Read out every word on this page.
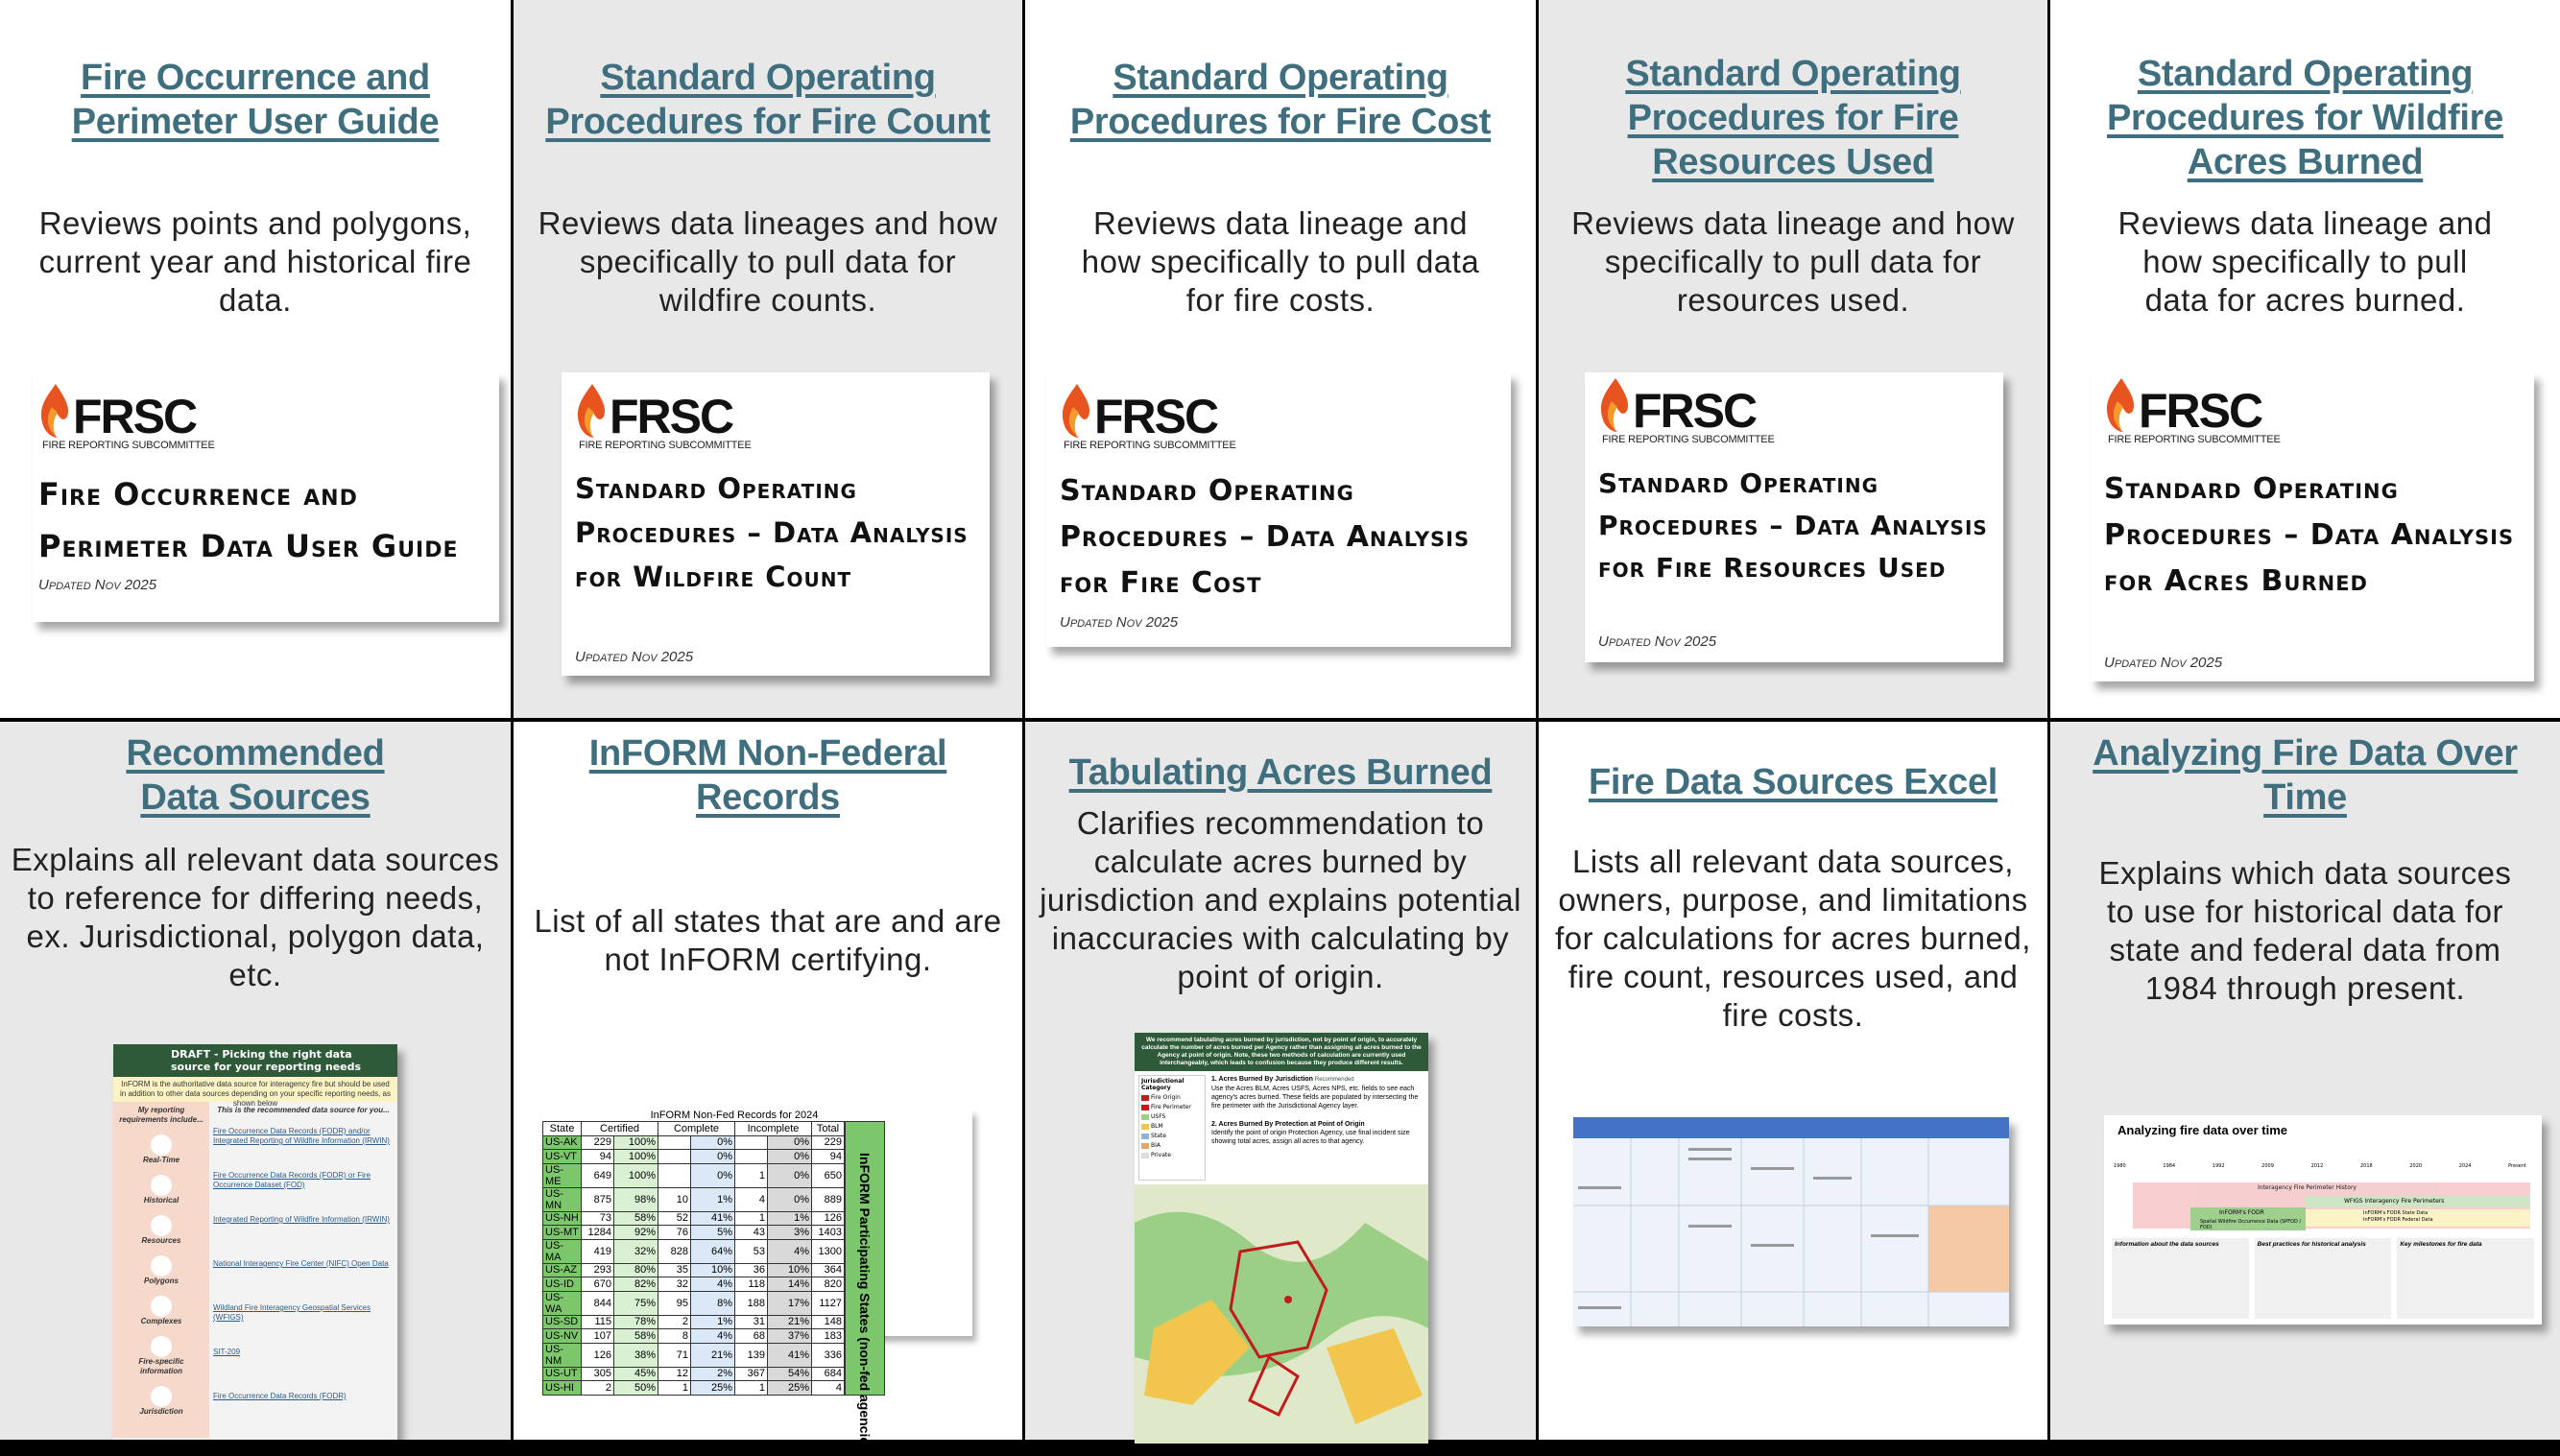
Fire Occurrence and Perimeter User Guide
Reviews points and polygons, current year and historical fire data.
FRSC
FIRE REPORTING SUBCOMMITTEE
Fire Occurrence and Perimeter Data User Guide
Updated Nov 2025
Standard Operating Procedures for Fire Count
Reviews data lineages and how specifically to pull data for wildfire counts.
FRSC
FIRE REPORTING SUBCOMMITTEE
Standard Operating Procedures – Data Analysis for Wildfire Count
Updated Nov 2025
Standard Operating Procedures for Fire Cost
Reviews data lineage and how specifically to pull data for fire costs.
FRSC
FIRE REPORTING SUBCOMMITTEE
Standard Operating Procedures – Data Analysis for Fire Cost
Updated Nov 2025
Standard Operating Procedures for Fire Resources Used
Reviews data lineage and how specifically to pull data for resources used.
FRSC
FIRE REPORTING SUBCOMMITTEE
Standard Operating Procedures – Data Analysis for Fire Resources Used
Updated Nov 2025
Standard Operating Procedures for Wildfire Acres Burned
Reviews data lineage and how specifically to pull data for acres burned.
FRSC
FIRE REPORTING SUBCOMMITTEE
Standard Operating Procedures – Data Analysis for Acres Burned
Updated Nov 2025
Recommended Data Sources
Explains all relevant data sources to reference for differing needs, ex. Jurisdictional, polygon data, etc.
DRAFT - Picking the right data source for your reporting needs
InFORM is the authoritative data source for interagency fire but should be used in addition to other data sources depending on your specific reporting needs, as shown below
My reporting requirements include...
Real-Time
Historical
Resources
Polygons
Complexes
Fire-specific information
Jurisdiction
This is the recommended data source for you...
Fire Occurrence Data Records (FODR) and/or Integrated Reporting of Wildfire Information (IRWIN)
Fire Occurrence Data Records (FODR) or Fire Occurrence Dataset (FOD)
Integrated Reporting of Wildfire Information (IRWIN)
National Interagency Fire Center (NIFC) Open Data
Wildland Fire Interagency Geospatial Services (WFIGS)
SIT-209
Fire Occurrence Data Records (FODR)
InFORM Non-Federal Records
List of all states that are and are not InFORM certifying.
InFORM Non-Fed Records for 2024
State	Certified		Complete		Incomplete		Total
US-AK	229	100%		0%		0%	229
US-VT	94	100%		0%		0%	94
US-ME	649	100%		0%	1	0%	650
US-MN	875	98%	10	1%	4	0%	889
US-NH	73	58%	52	41%	1	1%	126
US-MT	1284	92%	76	5%	43	3%	1403
US-MA	419	32%	828	64%	53	4%	1300
US-AZ	293	80%	35	10%	36	10%	364
US-ID	670	82%	32	4%	118	14%	820
US-WA	844	75%	95	8%	188	17%	1127
US-SD	115	78%	2	1%	31	21%	148
US-NV	107	58%	8	4%	68	37%	183
US-NM	126	38%	71	21%	139	41%	336
US-UT	305	45%	12	2%	367	54%	684
US-HI	2	50%	1	25%	1	25%	4 InFORM Participating States (non-fed agencies)
Tabulating Acres Burned
Clarifies recommendation to calculate acres burned by jurisdiction and explains potential inaccuracies with calculating by point of origin.
We recommend tabulating acres burned by jurisdiction, not by point of origin, to accurately calculate the number of acres burned per Agency rather than assigning all acres burned to the Agency at point of origin. Note, these two methods of calculation are currently used interchangeably, which leads to confusion because they produce different results.
Jurisdictional Category
Fire Origin
Fire Perimeter
USFS
BLM
State
BIA
Private
1. Acres Burned By Jurisdiction Recommended
Use the Acres BLM, Acres USFS, Acres NPS, etc. fields to see each agency's acres burned. These fields are populated by intersecting the fire perimeter with the Jurisdictional Agency layer.
2. Acres Burned By Protection at Point of Origin
Identify the point of origin Protection Agency, use final incident size showing total acres, assign all acres to that agency.
Fire Data Sources Excel
Lists all relevant data sources, owners, purpose, and limitations for calculations for acres burned, fire count, resources used, and fire costs.
Analyzing Fire Data Over Time
Explains which data sources to use for historical data for state and federal data from 1984 through present.
Analyzing fire data over time
1980	1984	1992	2009	2012	2018	2020	2024	Present
Interagency Fire Perimeter History
WFIGS Interagency Fire Perimeters
InFORM's FODR
Spatial Wildfire Occurrence Data (SPFOD / FOD)
InFORM's FODR State Data
InFORM's FODR Federal Data
Information about the data sources	Best practices for historical analysis	Key milestones for fire data
